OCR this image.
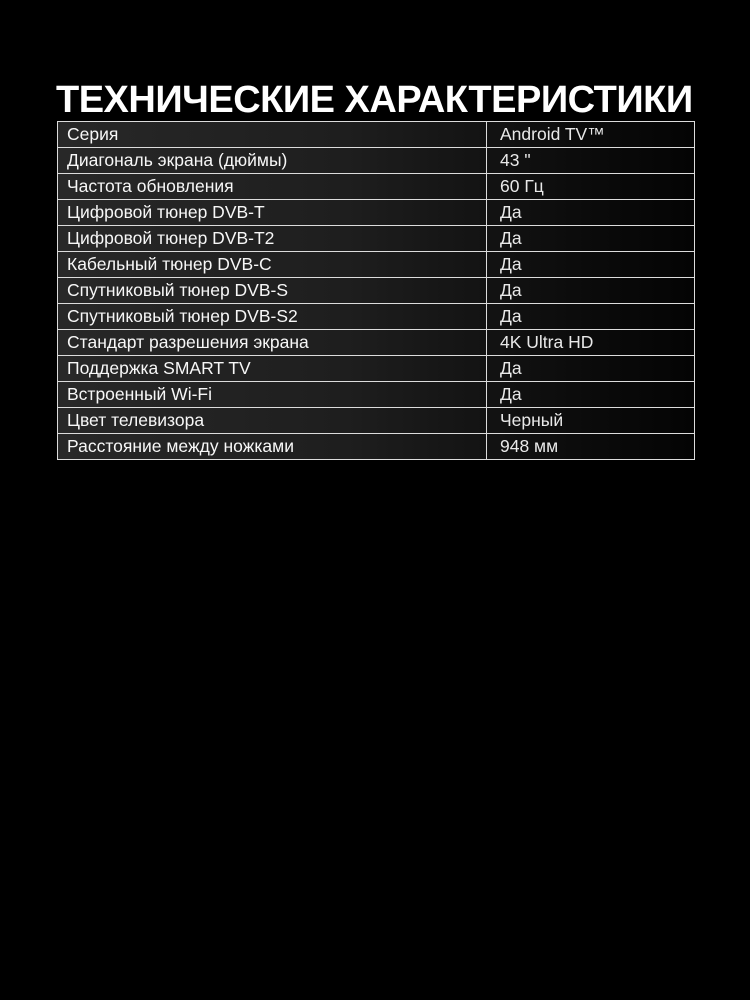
ТЕХНИЧЕСКИЕ ХАРАКТЕРИСТИКИ
Серия	Android TV™
Диагональ экрана (дюймы)	43 "
Частота обновления	60 Гц
Цифровой тюнер DVB-T	Да
Цифровой тюнер DVB-T2	Да
Кабельный тюнер DVB-C	Да
Спутниковый тюнер DVB-S	Да
Спутниковый тюнер DVB-S2	Да
Стандарт разрешения экрана	4K Ultra HD
Поддержка SMART TV	Да
Встроенный Wi-Fi	Да
Цвет телевизора	Черный
Расстояние между ножками	948 мм
